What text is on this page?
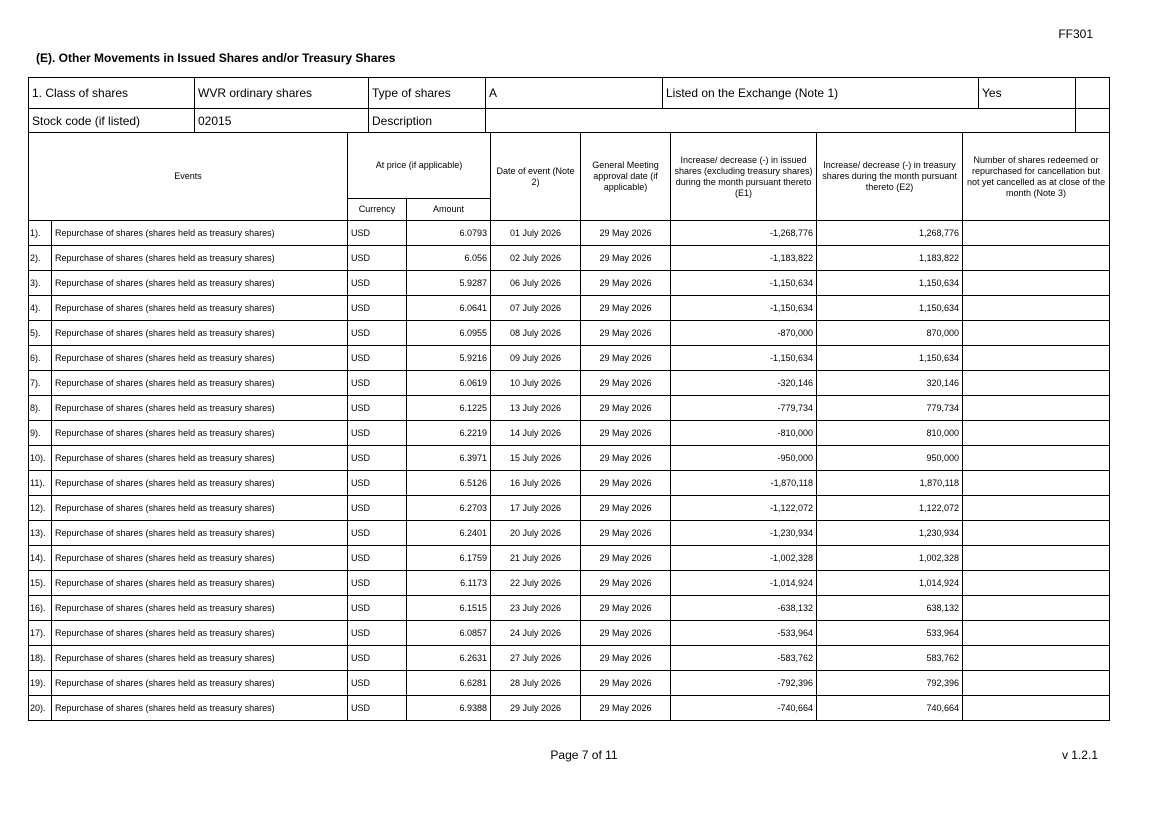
FF301
(E). Other Movements in Issued Shares and/or Treasury Shares
1. Class of shares	WVR ordinary shares	Type of shares	A	Listed on the Exchange (Note 1)	Yes	
Stock code (if listed)	02015	Description				
Events		At price (if applicable)		Date of event (Note 2)	General Meeting approval date (if applicable)	Increase/ decrease (-) in issued shares (excluding treasury shares) during the month pursuant thereto (E1)	Increase/ decrease (-) in treasury shares during the month pursuant thereto (E2)	Number of shares redeemed or repurchased for cancellation but not yet cancelled as at close of the month (Note 3)
		Currency	Amount					
1).	Repurchase of shares (shares held as treasury shares)	USD	6.0793	01 July 2026	29 May 2026	-1,268,776	1,268,776	
2).	Repurchase of shares (shares held as treasury shares)	USD	6.056	02 July 2026	29 May 2026	-1,183,822	1,183,822	
3).	Repurchase of shares (shares held as treasury shares)	USD	5.9287	06 July 2026	29 May 2026	-1,150,634	1,150,634	
4).	Repurchase of shares (shares held as treasury shares)	USD	6.0641	07 July 2026	29 May 2026	-1,150,634	1,150,634	
5).	Repurchase of shares (shares held as treasury shares)	USD	6.0955	08 July 2026	29 May 2026	-870,000	870,000	
6).	Repurchase of shares (shares held as treasury shares)	USD	5.9216	09 July 2026	29 May 2026	-1,150,634	1,150,634	
7).	Repurchase of shares (shares held as treasury shares)	USD	6.0619	10 July 2026	29 May 2026	-320,146	320,146	
8).	Repurchase of shares (shares held as treasury shares)	USD	6.1225	13 July 2026	29 May 2026	-779,734	779,734	
9).	Repurchase of shares (shares held as treasury shares)	USD	6.2219	14 July 2026	29 May 2026	-810,000	810,000	
10).	Repurchase of shares (shares held as treasury shares)	USD	6.3971	15 July 2026	29 May 2026	-950,000	950,000	
11).	Repurchase of shares (shares held as treasury shares)	USD	6.5126	16 July 2026	29 May 2026	-1,870,118	1,870,118	
12).	Repurchase of shares (shares held as treasury shares)	USD	6.2703	17 July 2026	29 May 2026	-1,122,072	1,122,072	
13).	Repurchase of shares (shares held as treasury shares)	USD	6.2401	20 July 2026	29 May 2026	-1,230,934	1,230,934	
14).	Repurchase of shares (shares held as treasury shares)	USD	6.1759	21 July 2026	29 May 2026	-1,002,328	1,002,328	
15).	Repurchase of shares (shares held as treasury shares)	USD	6.1173	22 July 2026	29 May 2026	-1,014,924	1,014,924	
16).	Repurchase of shares (shares held as treasury shares)	USD	6.1515	23 July 2026	29 May 2026	-638,132	638,132	
17).	Repurchase of shares (shares held as treasury shares)	USD	6.0857	24 July 2026	29 May 2026	-533,964	533,964	
18).	Repurchase of shares (shares held as treasury shares)	USD	6.2631	27 July 2026	29 May 2026	-583,762	583,762	
19).	Repurchase of shares (shares held as treasury shares)	USD	6.6281	28 July 2026	29 May 2026	-792,396	792,396	
20).	Repurchase of shares (shares held as treasury shares)	USD	6.9388	29 July 2026	29 May 2026	-740,664	740,664	
Page 7 of 11	v 1.2.1
